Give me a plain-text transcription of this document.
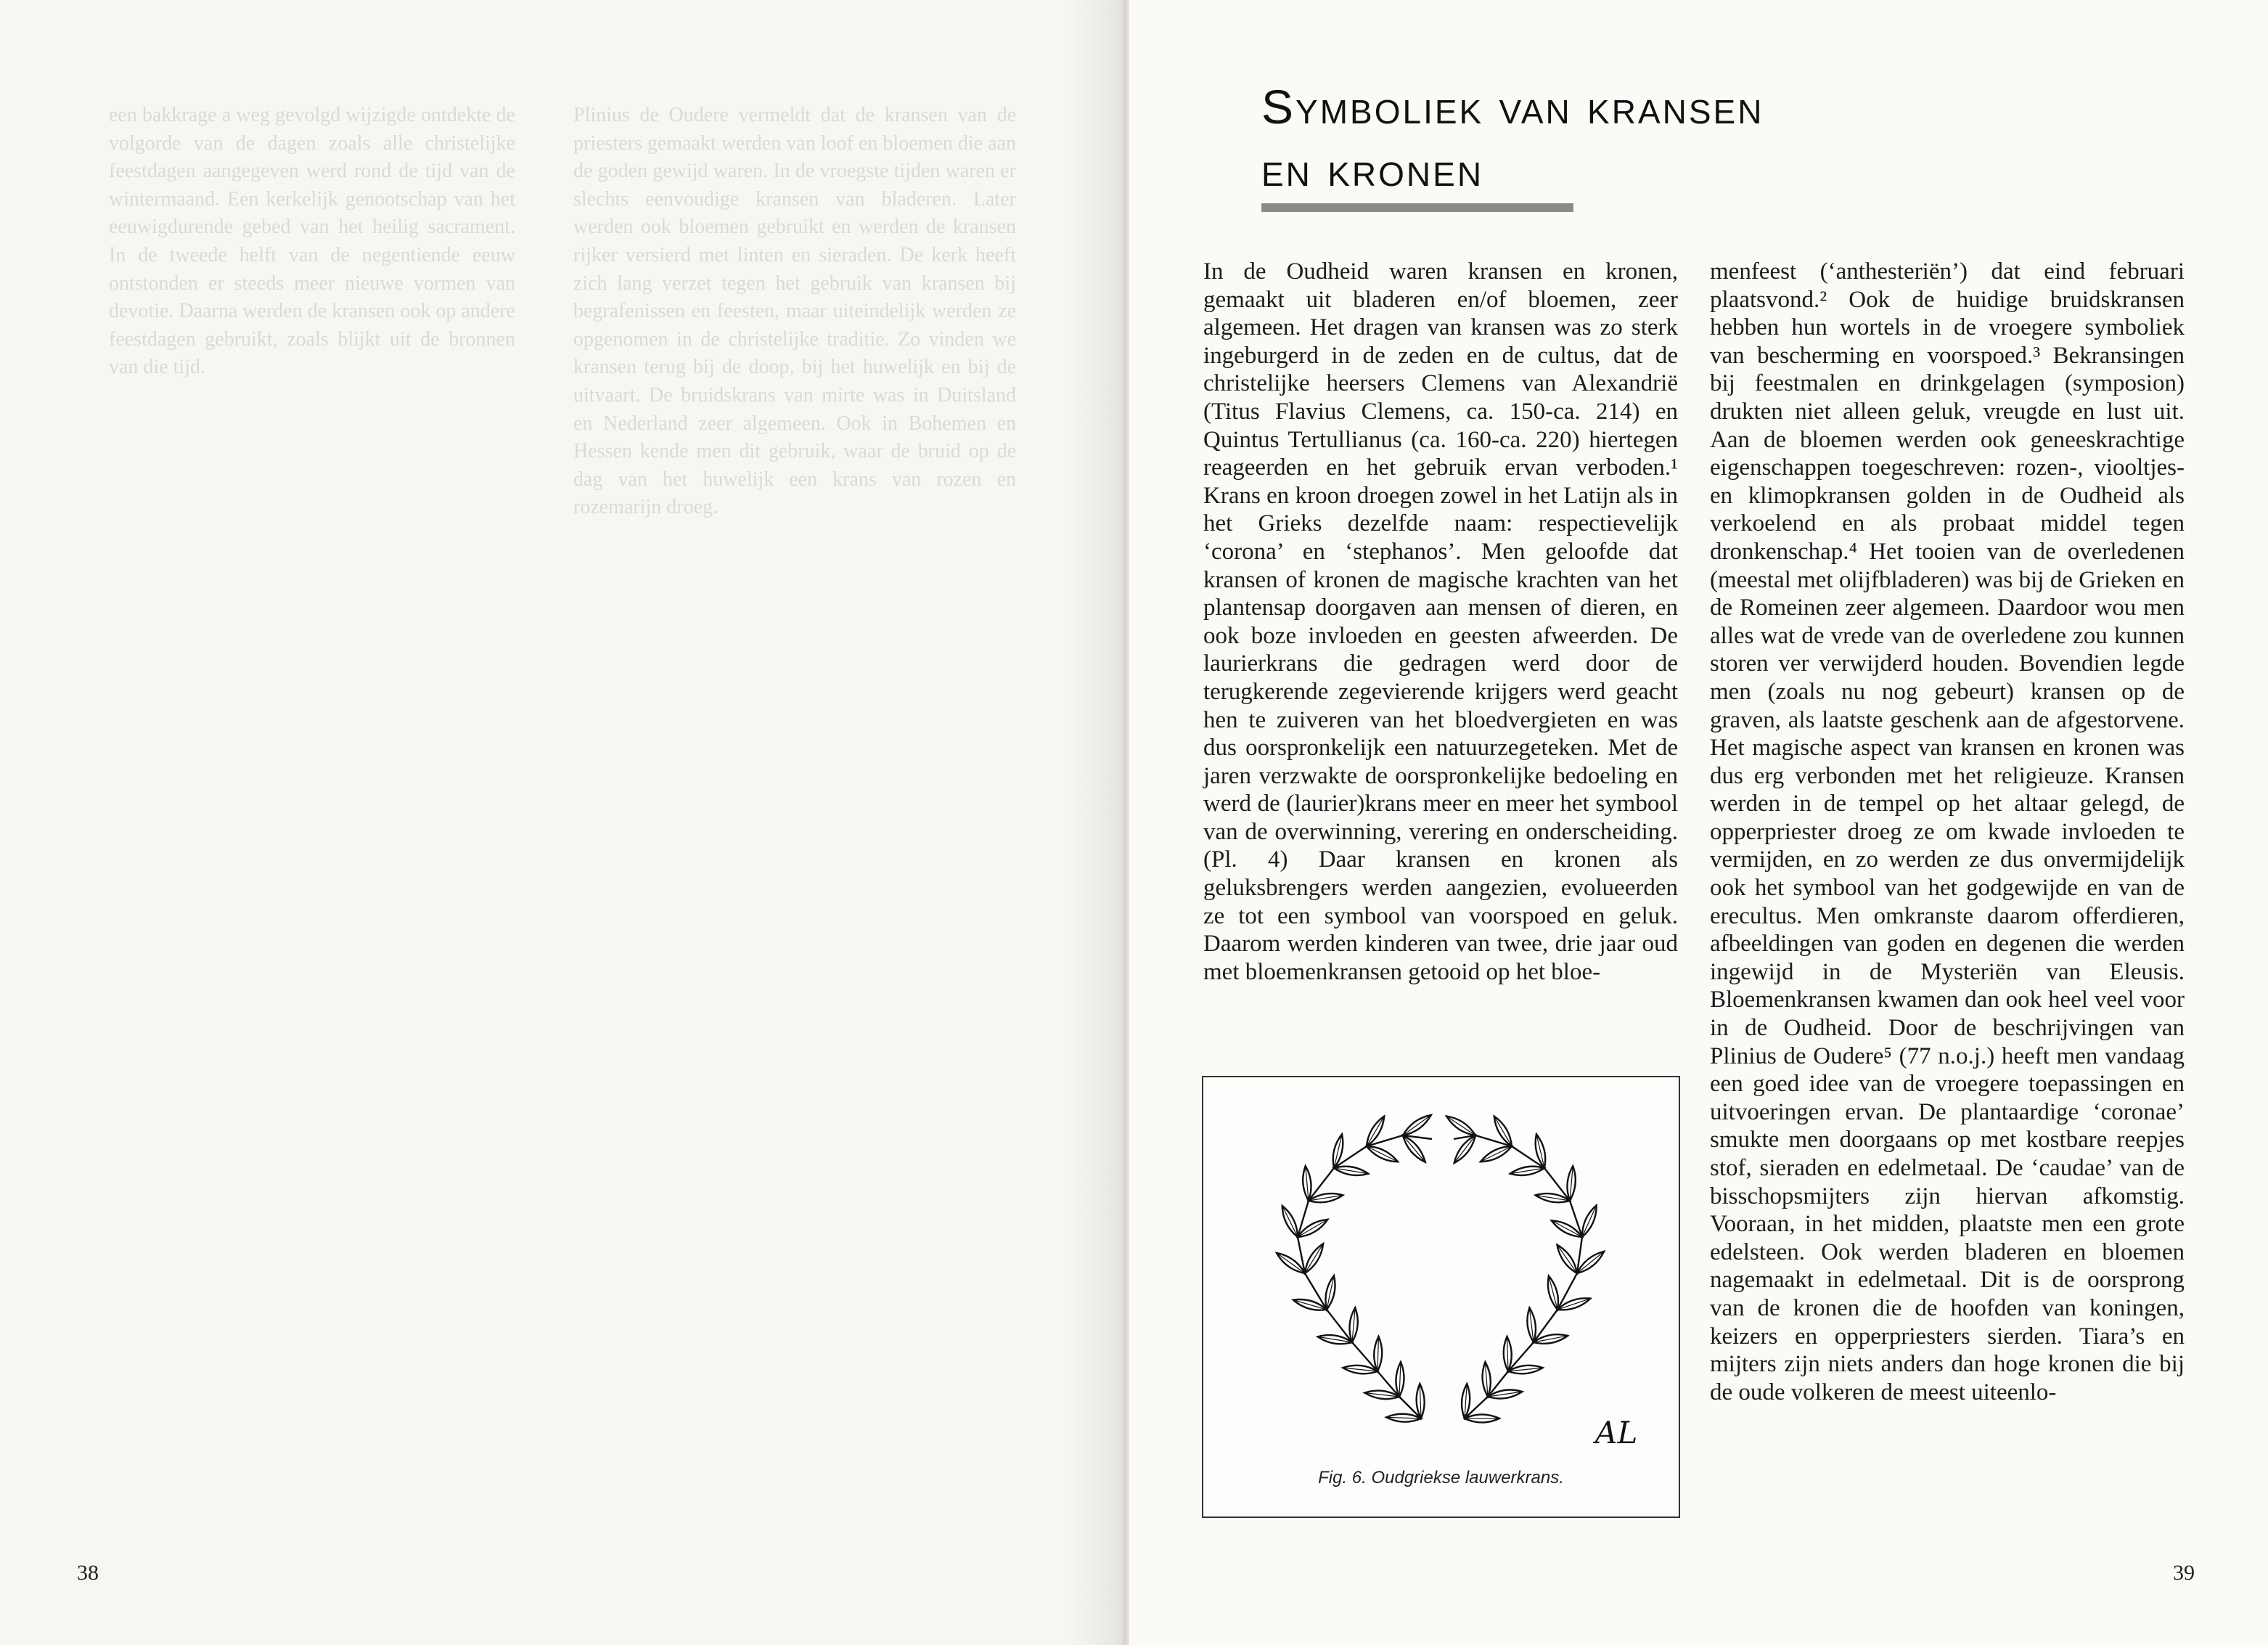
een bakkrage a weg gevolgd wijzigde ontdekte de volgorde van de dagen zoals alle christelijke feestdagen aangegeven werd rond de tijd van de wintermaand. Een kerkelijk genootschap van het eeuwigdurende gebed van het heilig sacrament. In de tweede helft van de negentiende eeuw ontstonden er steeds meer nieuwe vormen van devotie. Daarna werden de kransen ook op andere feestdagen gebruikt, zoals blijkt uit de bronnen van die tijd.

Plinius de Oudere vermeldt dat de kransen van de priesters gemaakt werden van loof en bloemen die aan de goden gewijd waren. In de vroegste tijden waren er slechts eenvoudige kransen van bladeren. Later werden ook bloemen gebruikt en werden de kransen rijker versierd met linten en sieraden. De kerk heeft zich lang verzet tegen het gebruik van kransen bij begrafenissen en feesten, maar uiteindelijk werden ze opgenomen in de christelijke traditie. Zo vinden we kransen terug bij de doop, bij het huwelijk en bij de uitvaart. De bruidskrans van mirte was in Duitsland en Nederland zeer algemeen. Ook in Bohemen en Hessen kende men dit gebruik, waar de bruid op de dag van het huwelijk een krans van rozen en rozemarijn droeg.

38
Symboliek van kransen
en kronen

In de Oudheid waren kransen en kronen, gemaakt uit bladeren en/of bloemen, zeer algemeen. Het dragen van kransen was zo sterk ingeburgerd in de zeden en de cultus, dat de christelijke heersers Clemens van Alexandrië (Titus Flavius Clemens, ca. 150-ca. 214) en Quintus Tertullianus (ca. 160-ca. 220) hiertegen reageerden en het gebruik ervan verboden.¹ Krans en kroon droegen zowel in het Latijn als in het Grieks dezelfde naam: respectievelijk ‘corona’ en ‘stephanos’. Men geloofde dat kransen of kronen de magische krachten van het plantensap doorgaven aan mensen of dieren, en ook boze invloeden en geesten afweerden. De laurierkrans die gedragen werd door de terugkerende zegevierende krijgers werd geacht hen te zuiveren van het bloedvergieten en was dus oorspronkelijk een natuurzegeteken. Met de jaren verzwakte de oorspronkelijke bedoeling en werd de (laurier)krans meer en meer het symbool van de overwinning, verering en onderscheiding. (Pl. 4) Daar kransen en kronen als geluksbrengers werden aangezien, evolueerden ze tot een symbool van voorspoed en geluk. Daarom werden kinderen van twee, drie jaar oud met bloemenkransen getooid op het bloe-

menfeest (‘anthesteriën’) dat eind februari plaatsvond.² Ook de huidige bruidskransen hebben hun wortels in de vroegere symboliek van bescherming en voorspoed.³ Bekransingen bij feestmalen en drinkgelagen (symposion) drukten niet alleen geluk, vreugde en lust uit. Aan de bloemen werden ook geneeskrachtige eigenschappen toegeschreven: rozen-, viooltjes- en klimopkransen golden in de Oudheid als verkoelend en als probaat middel tegen dronkenschap.⁴ Het tooien van de overledenen (meestal met olijfbladeren) was bij de Grieken en de Romeinen zeer algemeen. Daardoor wou men alles wat de vrede van de overledene zou kunnen storen ver verwijderd houden. Bovendien legde men (zoals nu nog gebeurt) kransen op de graven, als laatste geschenk aan de afgestorvene. Het magische aspect van kransen en kronen was dus erg verbonden met het religieuze. Kransen werden in de tempel op het altaar gelegd, de opperpriester droeg ze om kwade invloeden te vermijden, en zo werden ze dus onvermijdelijk ook het symbool van het godgewijde en van de erecultus. Men omkranste daarom offerdieren, afbeeldingen van goden en degenen die werden ingewijd in de Mysteriën van Eleusis. Bloemenkransen kwamen dan ook heel veel voor in de Oudheid. Door de beschrijvingen van Plinius de Oudere⁵ (77 n.o.j.) heeft men vandaag een goed idee van de vroegere toepassingen en uitvoeringen ervan. De plantaardige ‘coronae’ smukte men doorgaans op met kostbare reepjes stof, sieraden en edelmetaal. De ‘caudae’ van de bisschopsmijters zijn hiervan afkomstig. Vooraan, in het midden, plaatste men een grote edelsteen. Ook werden bladeren en bloemen nagemaakt in edelmetaal. Dit is de oorsprong van de kronen die de hoofden van koningen, keizers en opperpriesters sierden. Tiara’s en mijters zijn niets anders dan hoge kronen die bij de oude volkeren de meest uiteenlo-

AL
Fig. 6. Oudgriekse lauwerkrans.
39
